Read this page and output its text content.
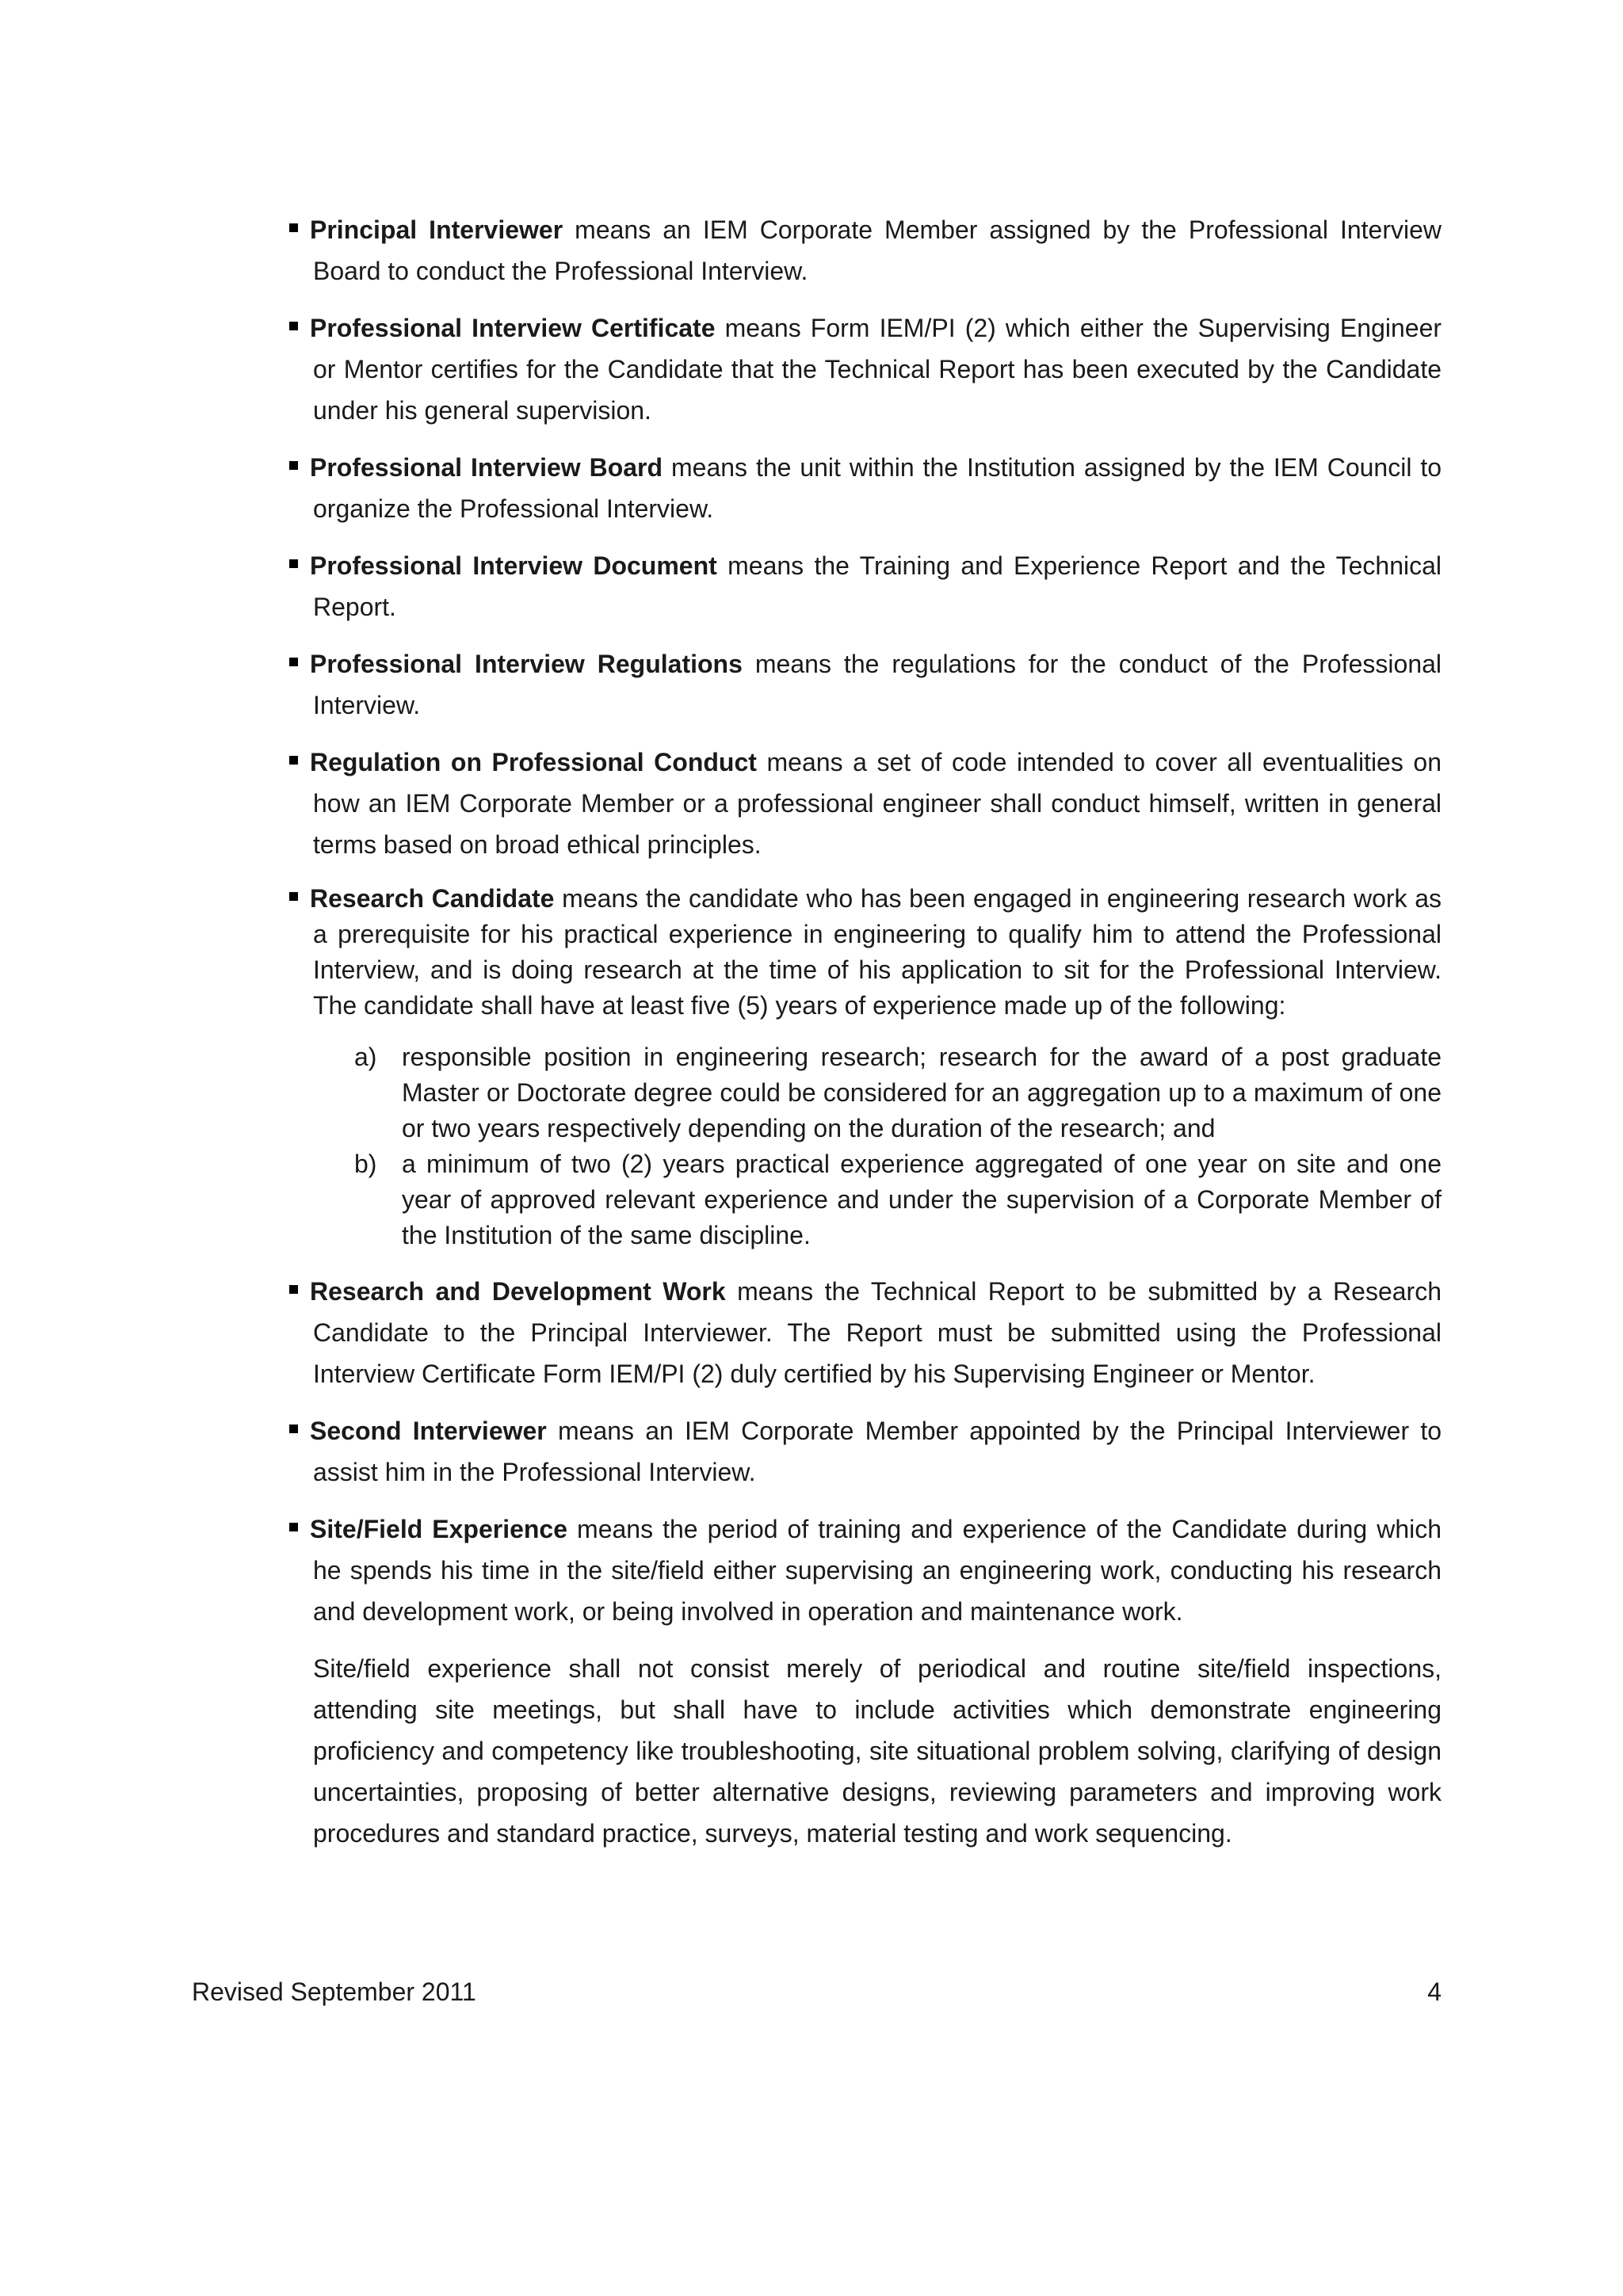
Principal Interviewer means an IEM Corporate Member assigned by the Professional Interview Board to conduct the Professional Interview.
Professional Interview Certificate means Form IEM/PI (2) which either the Supervising Engineer or Mentor certifies for the Candidate that the Technical Report has been executed by the Candidate under his general supervision.
Professional Interview Board means the unit within the Institution assigned by the IEM Council to organize the Professional Interview.
Professional Interview Document means the Training and Experience Report and the Technical Report.
Professional Interview Regulations means the regulations for the conduct of the Professional Interview.
Regulation on Professional Conduct means a set of code intended to cover all eventualities on how an IEM Corporate Member or a professional engineer shall conduct himself, written in general terms based on broad ethical principles.
Research Candidate means the candidate who has been engaged in engineering research work as a prerequisite for his practical experience in engineering to qualify him to attend the Professional Interview, and is doing research at the time of his application to sit for the Professional Interview. The candidate shall have at least five (5) years of experience made up of the following:
a) responsible position in engineering research; research for the award of a post graduate Master or Doctorate degree could be considered for an aggregation up to a maximum of one or two years respectively depending on the duration of the research; and
b) a minimum of two (2) years practical experience aggregated of one year on site and one year of approved relevant experience and under the supervision of a Corporate Member of the Institution of the same discipline.
Research and Development Work means the Technical Report to be submitted by a Research Candidate to the Principal Interviewer. The Report must be submitted using the Professional Interview Certificate Form IEM/PI (2) duly certified by his Supervising Engineer or Mentor.
Second Interviewer means an IEM Corporate Member appointed by the Principal Interviewer to assist him in the Professional Interview.
Site/Field Experience means the period of training and experience of the Candidate during which he spends his time in the site/field either supervising an engineering work, conducting his research and development work, or being involved in operation and maintenance work.

Site/field experience shall not consist merely of periodical and routine site/field inspections, attending site meetings, but shall have to include activities which demonstrate engineering proficiency and competency like troubleshooting, site situational problem solving, clarifying of design uncertainties, proposing of better alternative designs, reviewing parameters and improving work procedures and standard practice, surveys, material testing and work sequencing.

Revised September 2011	4
